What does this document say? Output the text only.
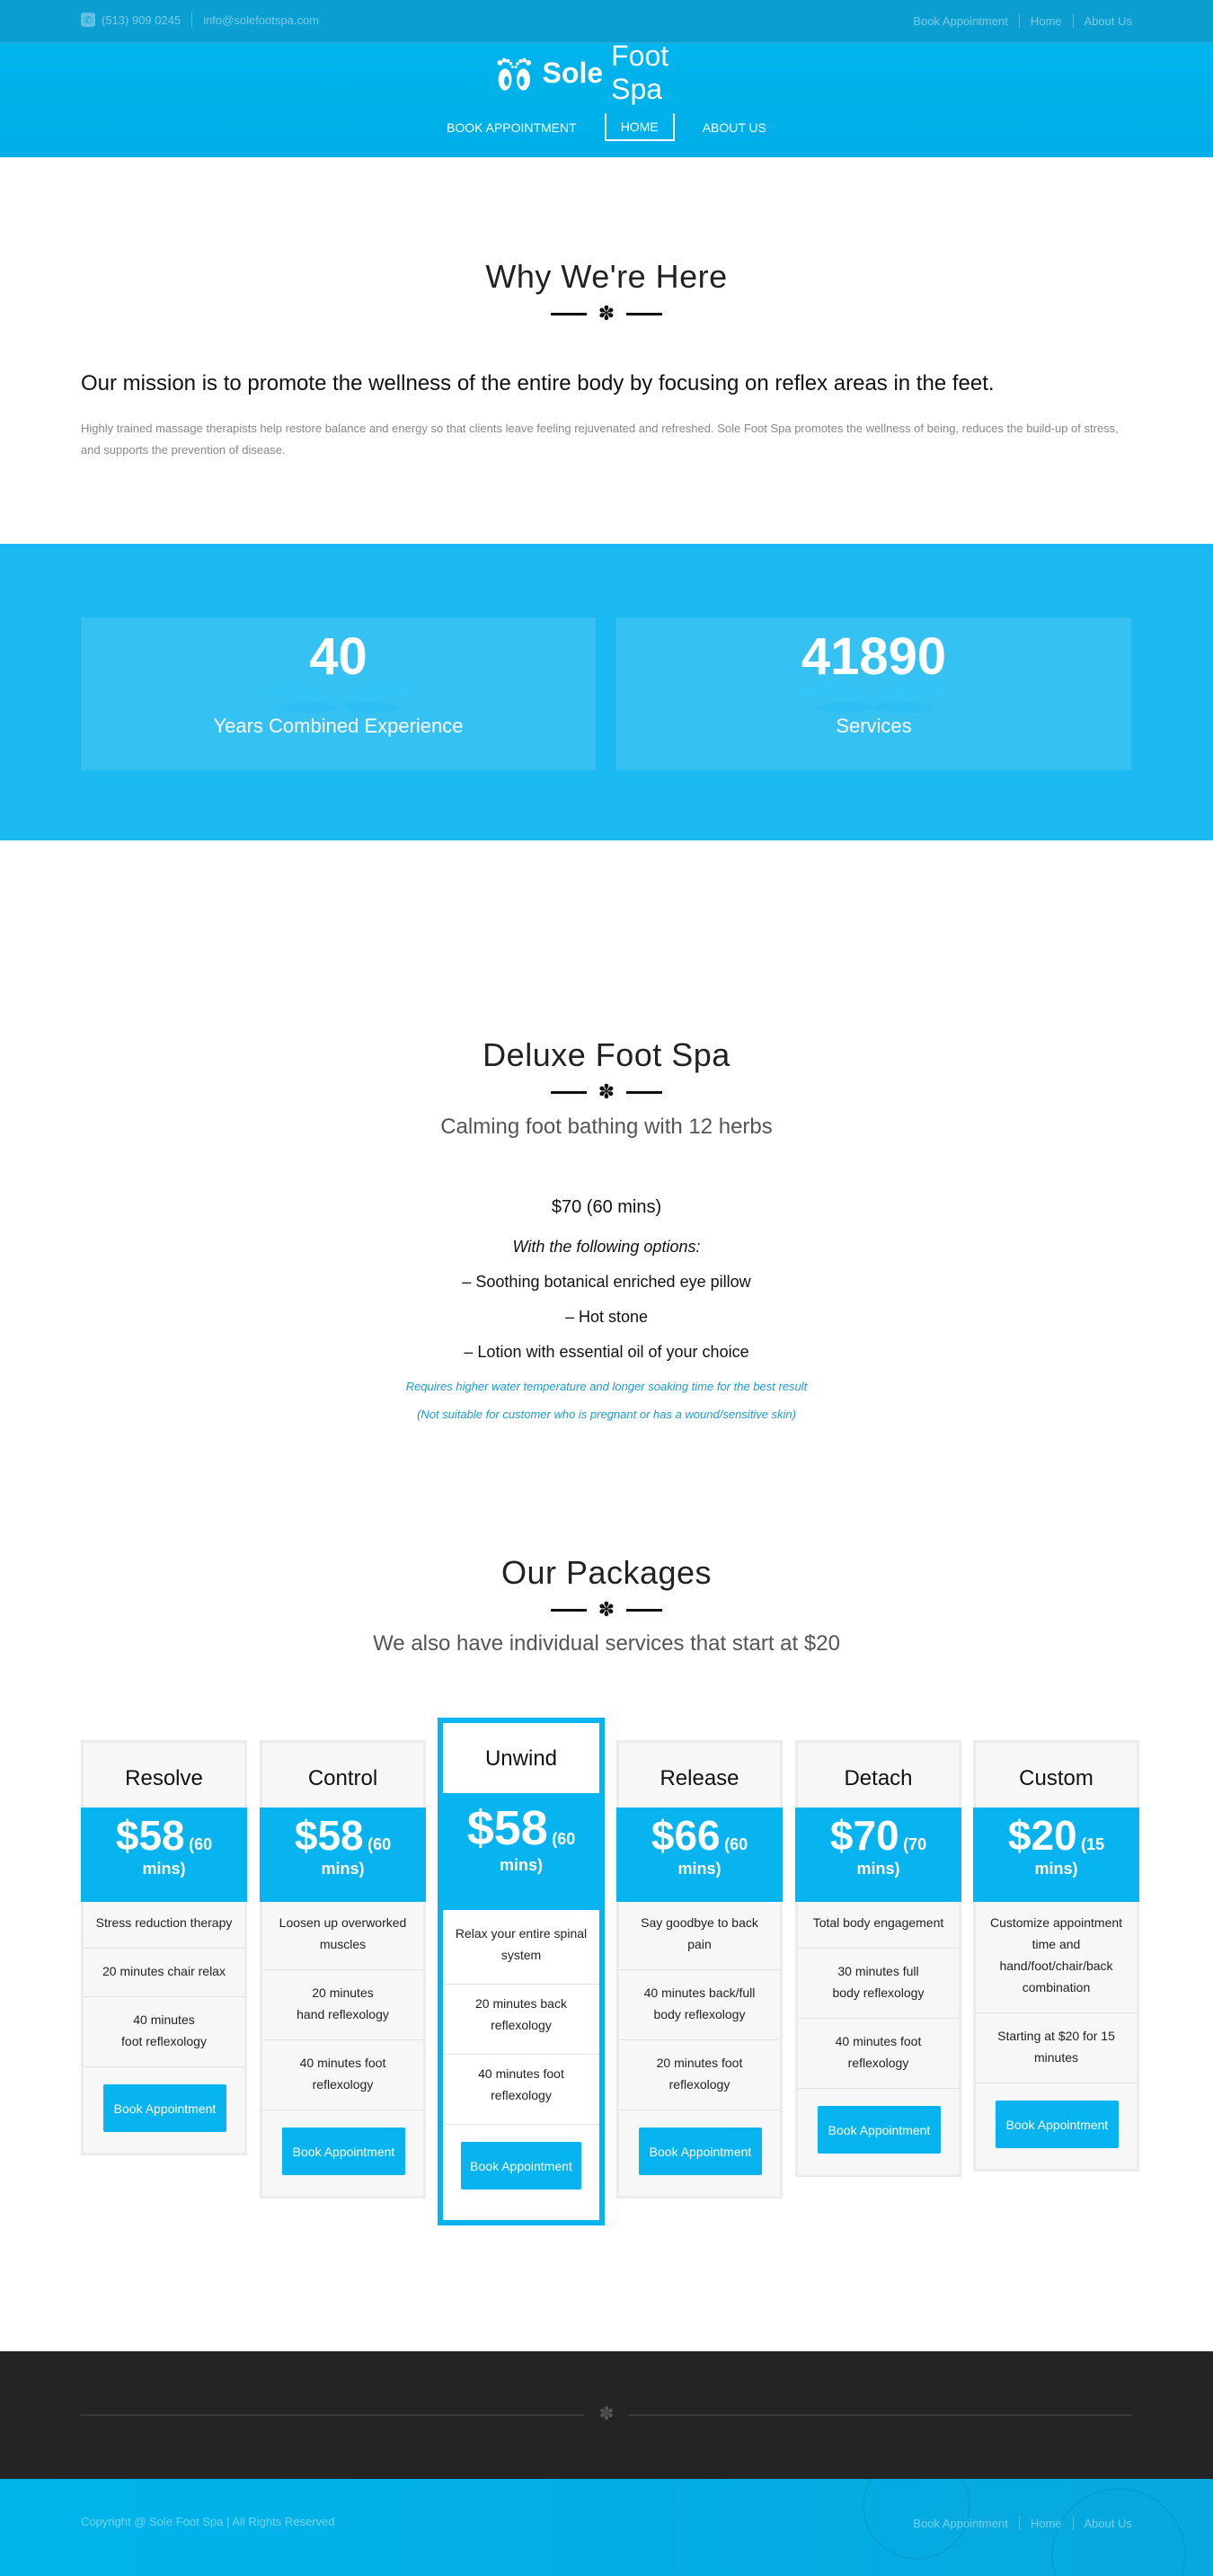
✆ (513) 909 0245 info@solefootspa.com	Book Appointment Home About Us
Sole
Foot Spa
BOOK APPOINTMENT	HOME	ABOUT US
Why We're Here
✽
Our mission is to promote the wellness of the entire body by focusing on reflex areas in the feet.
Highly trained massage therapists help restore balance and energy so that clients leave feeling rejuvenated and refreshed. Sole Foot Spa promotes the wellness of being, reduces the build-up of stress, and supports the prevention of disease.
40
Years Combined Experience
41890
Services
Deluxe Foot Spa
✽
Calming foot bathing with 12 herbs
$70 (60 mins)
With the following options:
– Soothing botanical enriched eye pillow
– Hot stone
– Lotion with essential oil of your choice
Requires higher water temperature and longer soaking time for the best result
(Not suitable for customer who is pregnant or has a wound/sensitive skin)
Our Packages
✽
We also have individual services that start at $20
Resolve
$58 (60
mins)
Stress reduction therapy
20 minutes chair relax
40 minutes
foot reflexology
Book Appointment
Control
$58 (60
mins)
Loosen up overworked muscles
20 minutes
hand reflexology
40 minutes foot reflexology
Book Appointment
Unwind
$58 (60
mins)
Relax your entire spinal system
20 minutes back reflexology
40 minutes foot reflexology
Book Appointment
Release
$66 (60
mins)
Say goodbye to back pain
40 minutes back/full body reflexology
20 minutes foot reflexology
Book Appointment
Detach
$70 (70
mins)
Total body engagement
30 minutes full
body reflexology
40 minutes foot reflexology
Book Appointment
Custom
$20 (15
mins)
Customize appointment time and hand/foot/chair/back combination
Starting at $20 for 15 minutes
Book Appointment
✽
Copyright @ Sole Foot Spa | All Rights Reserved	Book Appointment Home About Us
